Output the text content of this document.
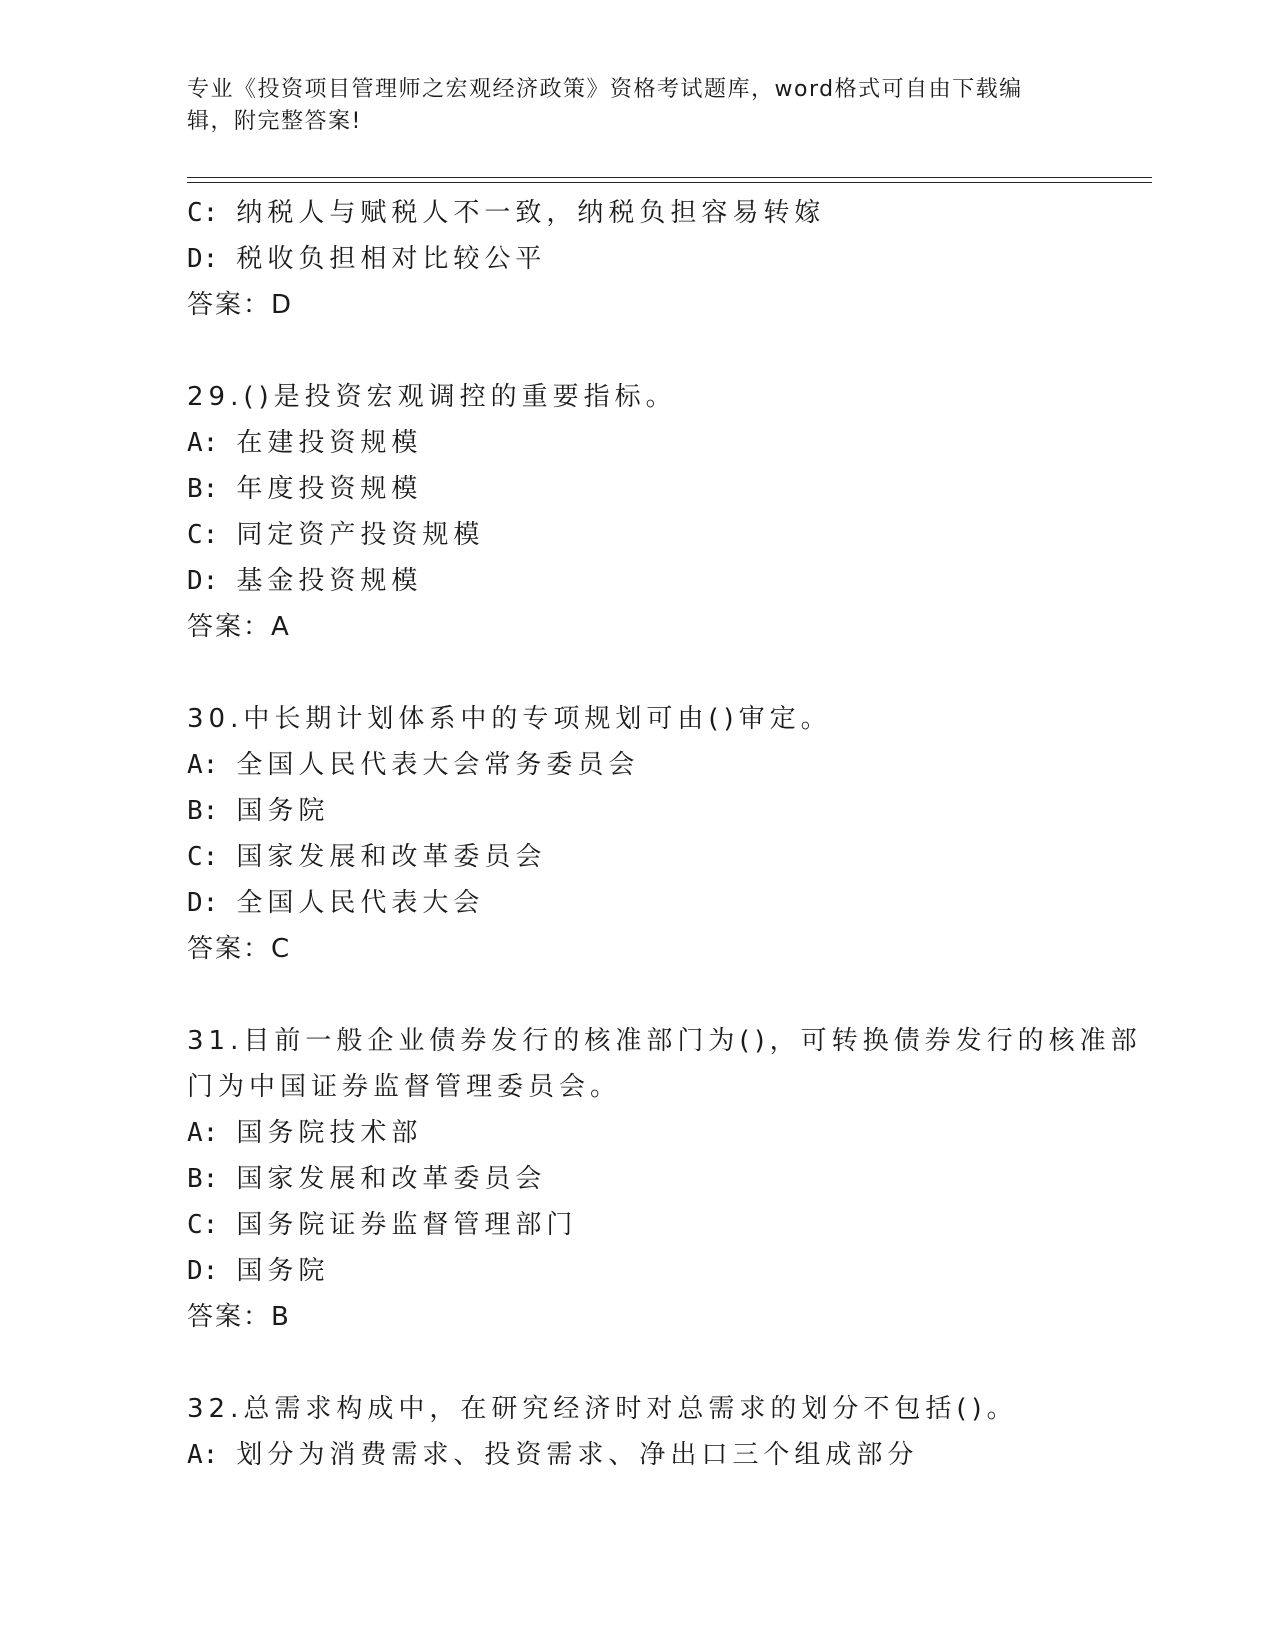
专业《投资项目管理师之宏观经济政策》资格考试题库，word格式可自由下载编
辑，附完整答案!
C: 纳税人与赋税人不一致，纳税负担容易转嫁
D: 税收负担相对比较公平
答案：D
29.()是投资宏观调控的重要指标。
A: 在建投资规模
B: 年度投资规模
C: 同定资产投资规模
D: 基金投资规模
答案：A
30.中长期计划体系中的专项规划可由()审定。
A: 全国人民代表大会常务委员会
B: 国务院
C: 国家发展和改革委员会
D: 全国人民代表大会
答案：C
31.目前一般企业债券发行的核准部门为()，可转换债券发行的核准部
门为中国证券监督管理委员会。
A: 国务院技术部
B: 国家发展和改革委员会
C: 国务院证券监督管理部门
D: 国务院
答案：B
32.总需求构成中，在研究经济时对总需求的划分不包括()。
A: 划分为消费需求、投资需求、净出口三个组成部分
